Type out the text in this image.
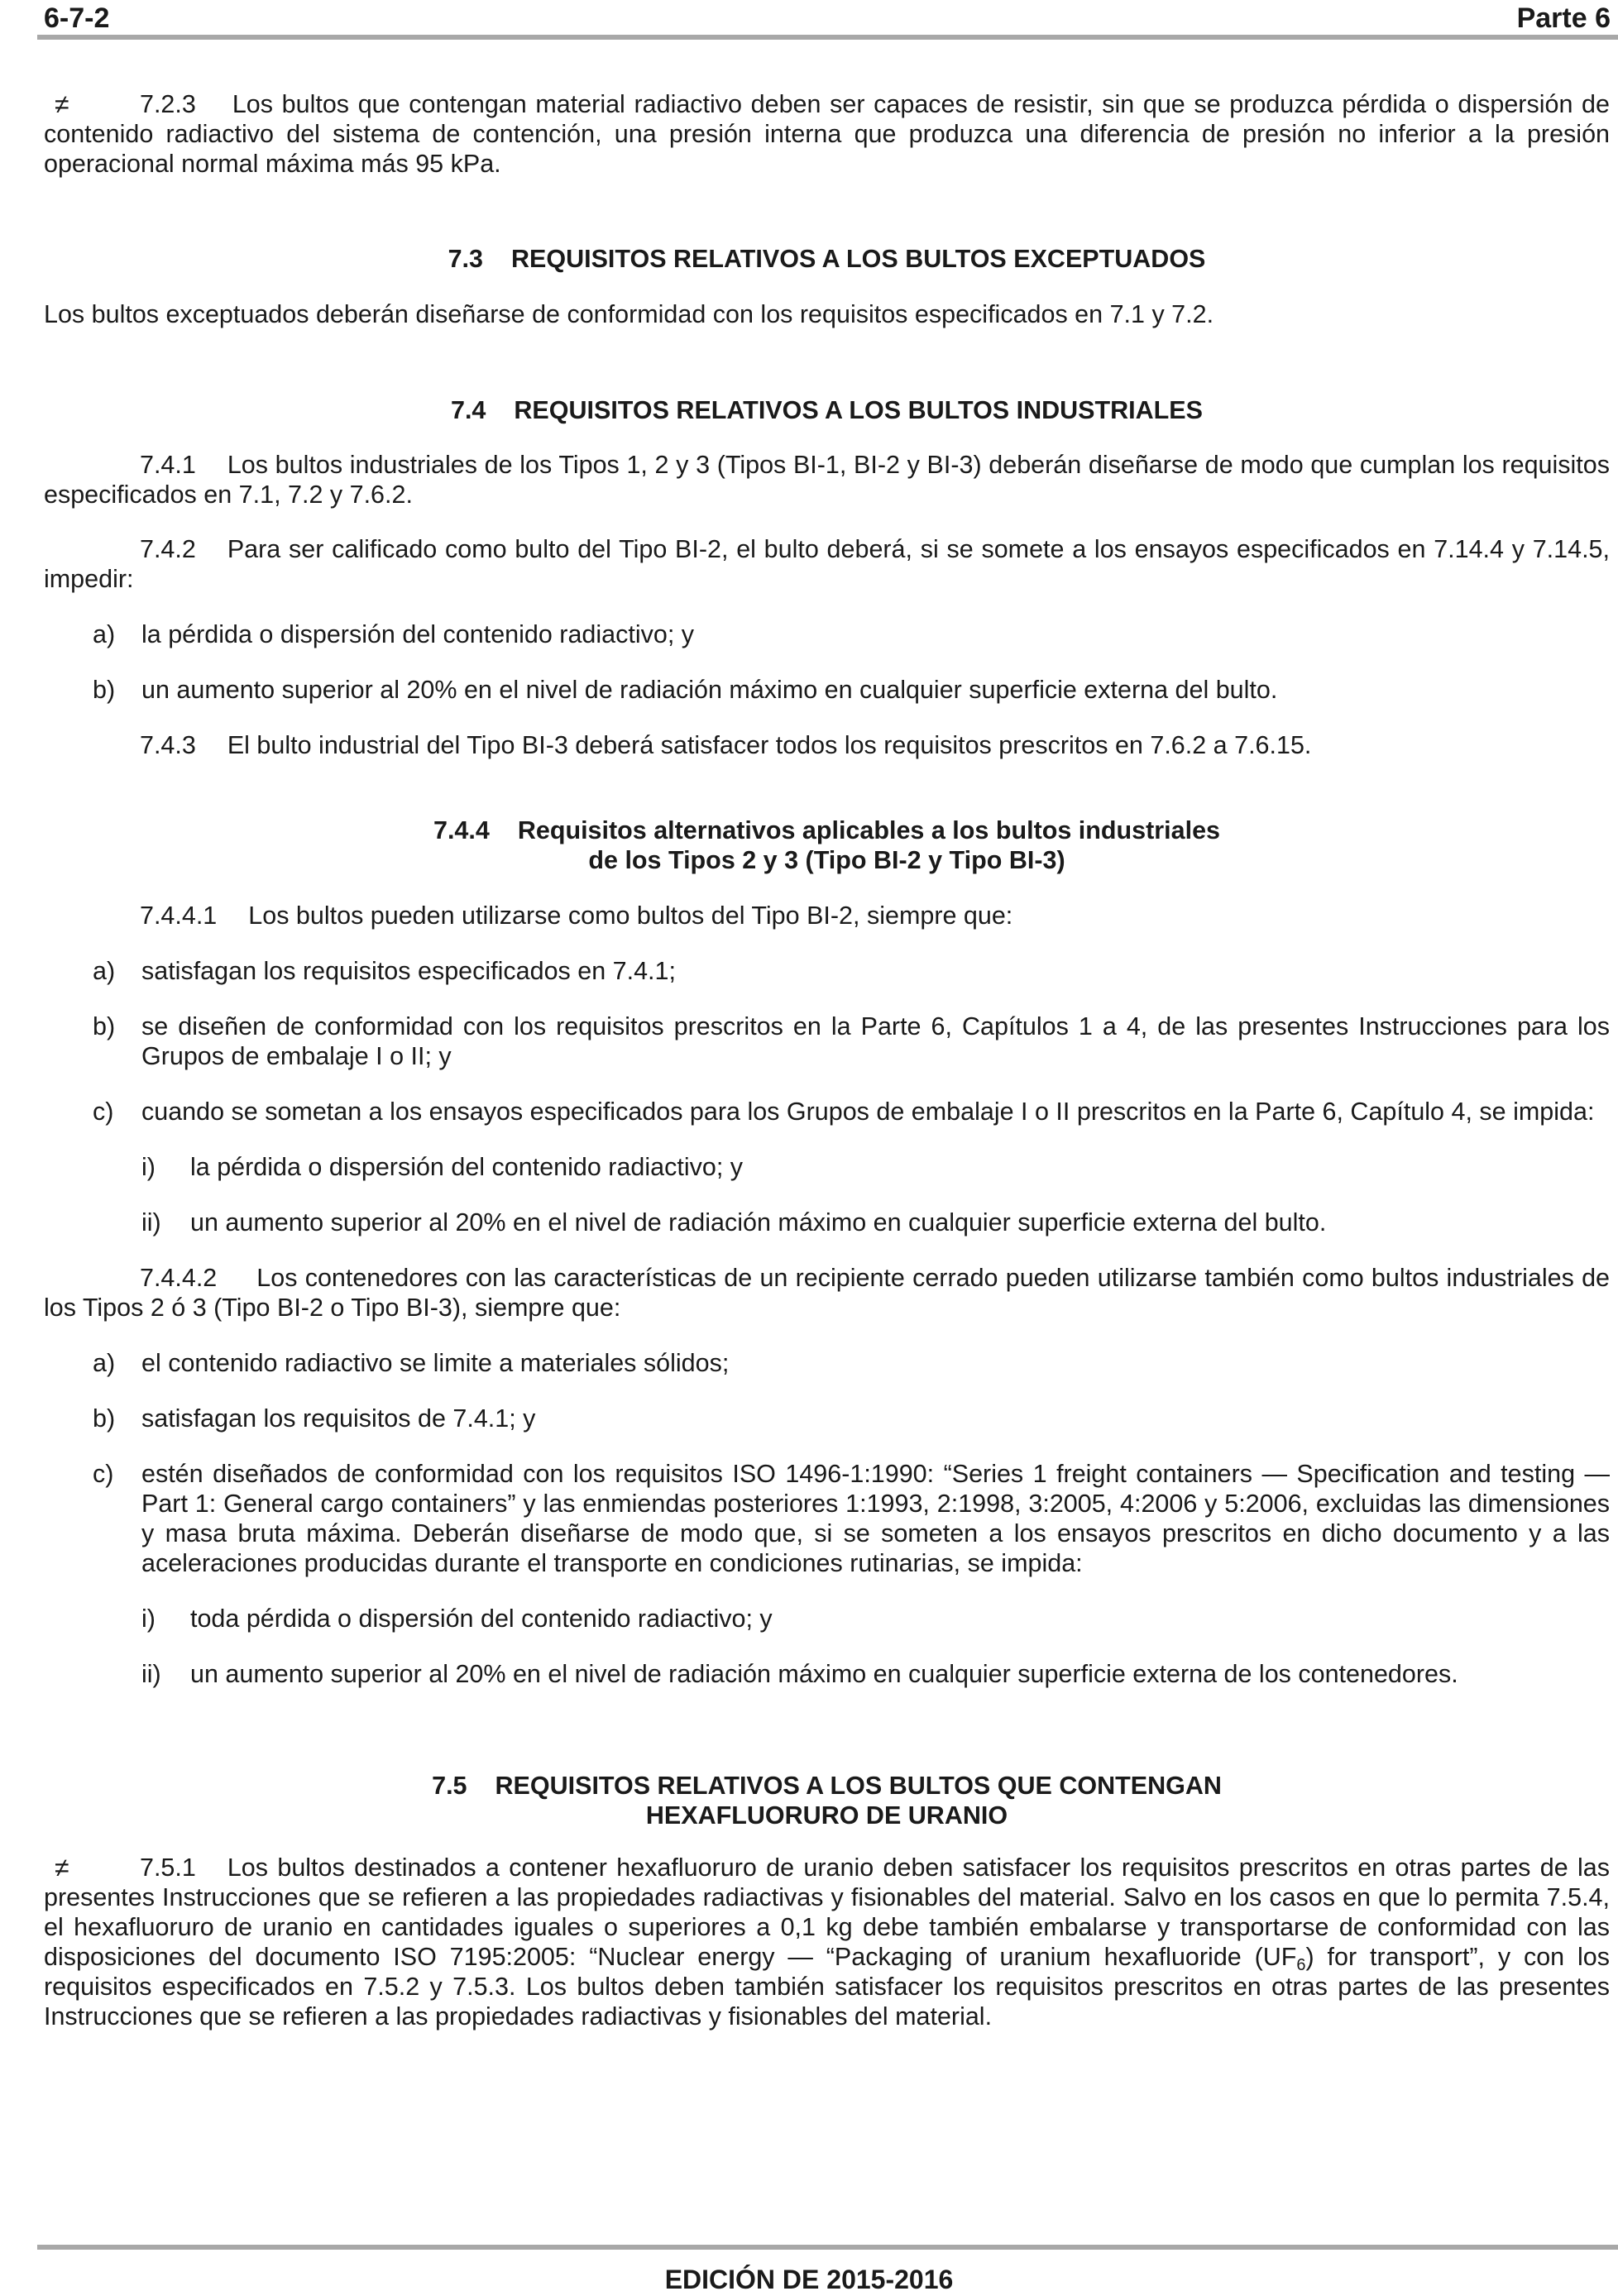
6-7-2	Parte 6

≠	7.2.3 Los bultos que contengan material radiactivo deben ser capaces de resistir, sin que se produzca pérdida o dispersión de contenido radiactivo del sistema de contención, una presión interna que produzca una diferencia de presión no inferior a la presión operacional normal máxima más 95 kPa.

7.3 REQUISITOS RELATIVOS A LOS BULTOS EXCEPTUADOS

Los bultos exceptuados deberán diseñarse de conformidad con los requisitos especificados en 7.1 y 7.2.

7.4 REQUISITOS RELATIVOS A LOS BULTOS INDUSTRIALES

7.4.1 Los bultos industriales de los Tipos 1, 2 y 3 (Tipos BI-1, BI-2 y BI-3) deberán diseñarse de modo que cumplan los requisitos especificados en 7.1, 7.2 y 7.6.2.

7.4.2 Para ser calificado como bulto del Tipo BI-2, el bulto deberá, si se somete a los ensayos especificados en 7.14.4 y 7.14.5, impedir:

a) la pérdida o dispersión del contenido radiactivo; y

b) un aumento superior al 20% en el nivel de radiación máximo en cualquier superficie externa del bulto.

7.4.3 El bulto industrial del Tipo BI-3 deberá satisfacer todos los requisitos prescritos en 7.6.2 a 7.6.15.

7.4.4 Requisitos alternativos aplicables a los bultos industriales
de los Tipos 2 y 3 (Tipo BI-2 y Tipo BI-3)

7.4.4.1 Los bultos pueden utilizarse como bultos del Tipo BI-2, siempre que:

a) satisfagan los requisitos especificados en 7.4.1;

b) se diseñen de conformidad con los requisitos prescritos en la Parte 6, Capítulos 1 a 4, de las presentes Instrucciones para los Grupos de embalaje I o II; y

c) cuando se sometan a los ensayos especificados para los Grupos de embalaje I o II prescritos en la Parte 6, Capítulo 4, se impida:

i) la pérdida o dispersión del contenido radiactivo; y

ii) un aumento superior al 20% en el nivel de radiación máximo en cualquier superficie externa del bulto.

7.4.4.2 Los contenedores con las características de un recipiente cerrado pueden utilizarse también como bultos industriales de los Tipos 2 ó 3 (Tipo BI-2 o Tipo BI-3), siempre que:

a) el contenido radiactivo se limite a materiales sólidos;

b) satisfagan los requisitos de 7.4.1; y

c) estén diseñados de conformidad con los requisitos ISO 1496-1:1990: “Series 1 freight containers — Specification and testing — Part 1: General cargo containers” y las enmiendas posteriores 1:1993, 2:1998, 3:2005, 4:2006 y 5:2006, excluidas las dimensiones y masa bruta máxima. Deberán diseñarse de modo que, si se someten a los ensayos prescritos en dicho documento y a las aceleraciones producidas durante el transporte en condiciones rutinarias, se impida:

i) toda pérdida o dispersión del contenido radiactivo; y

ii) un aumento superior al 20% en el nivel de radiación máximo en cualquier superficie externa de los contenedores.

7.5 REQUISITOS RELATIVOS A LOS BULTOS QUE CONTENGAN
HEXAFLUORURO DE URANIO

≠	7.5.1 Los bultos destinados a contener hexafluoruro de uranio deben satisfacer los requisitos prescritos en otras partes de las presentes Instrucciones que se refieren a las propiedades radiactivas y fisionables del material. Salvo en los casos en que lo permita 7.5.4, el hexafluoruro de uranio en cantidades iguales o superiores a 0,1 kg debe también embalarse y transportarse de conformidad con las disposiciones del documento ISO 7195:2005: “Nuclear energy — “Packaging of uranium hexafluoride $(UF_6)$ for transport”, y con los requisitos especificados en 7.5.2 y 7.5.3. Los bultos deben también satisfacer los requisitos prescritos en otras partes de las presentes Instrucciones que se refieren a las propiedades radiactivas y fisionables del material.

EDICIÓN DE 2015-2016
